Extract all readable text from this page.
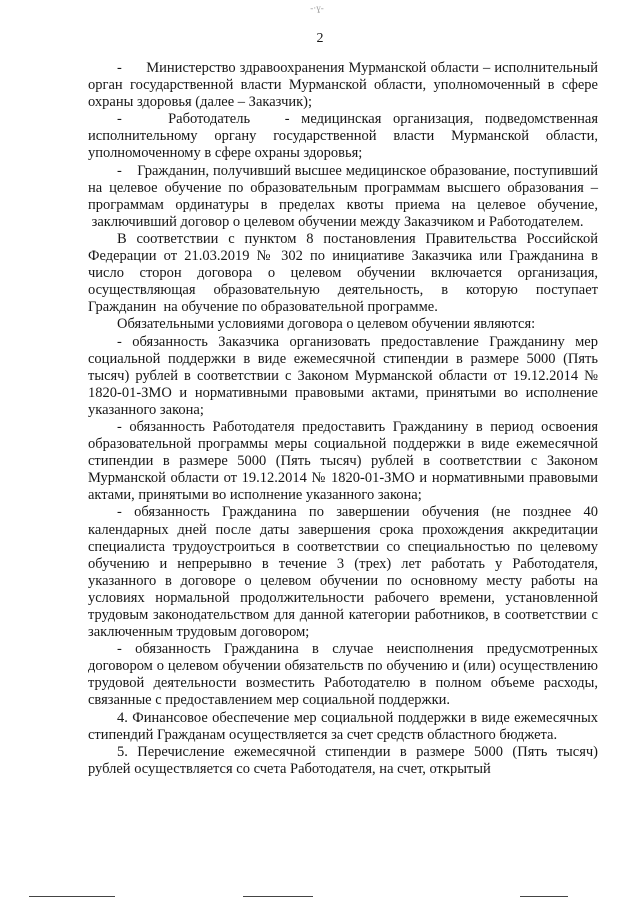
-·ɣ-
2

-      Министерство здравоохранения Мурманской области – исполнительный орган государственной власти Мурманской области, уполномоченный в сфере охраны здоровья (далее – Заказчик);

-    Работодатель   - медицинская организация, подведомственная исполнительному органу государственной власти Мурманской области, уполномоченному в сфере охраны здоровья;

-    Гражданин, получивший высшее медицинское образование, поступивший на целевое обучение по образовательным программам высшего образования – программам ординатуры в пределах квоты приема на целевое обучение,  заключивший договор о целевом обучении между Заказчиком и Работодателем.

В соответствии с пунктом 8 постановления Правительства Российской Федерации от 21.03.2019 № 302 по инициативе Заказчика или Гражданина в число сторон договора о целевом обучении включается организация, осуществляющая образовательную деятельность, в которую поступает Гражданин  на обучение по образовательной программе.

Обязательными условиями договора о целевом обучении являются:

- обязанность Заказчика организовать предоставление Гражданину мер социальной поддержки в виде ежемесячной стипендии в размере 5000 (Пять тысяч) рублей в соответствии с Законом Мурманской области от 19.12.2014 № 1820-01-ЗМО и нормативными правовыми актами, принятыми во исполнение указанного закона;

- обязанность Работодателя предоставить Гражданину в период освоения образовательной программы меры социальной поддержки в виде ежемесячной стипендии в размере 5000 (Пять тысяч) рублей в соответствии с Законом Мурманской области от 19.12.2014 № 1820-01-ЗМО и нормативными правовыми актами, принятыми во исполнение указанного закона;

- обязанность Гражданина по завершении обучения (не позднее 40 календарных дней после даты завершения срока прохождения аккредитации специалиста трудоустроиться в соответствии со специальностью по целевому обучению и непрерывно в течение 3 (трех) лет работать у Работодателя, указанного в договоре о целевом обучении по основному месту работы на условиях нормальной продолжительности рабочего времени, установленной трудовым законодательством для данной категории работников, в соответствии с заключенным трудовым договором;

- обязанность Гражданина в случае неисполнения предусмотренных договором о целевом обучении обязательств по обучению и (или) осуществлению трудовой деятельности возместить Работодателю в полном объеме расходы, связанные с предоставлением мер социальной поддержки.

4. Финансовое обеспечение мер социальной поддержки в виде ежемесячных стипендий Гражданам осуществляется за счет средств областного бюджета.

5. Перечисление ежемесячной стипендии в размере 5000 (Пять тысяч) рублей осуществляется со счета Работодателя, на счет, открытый
